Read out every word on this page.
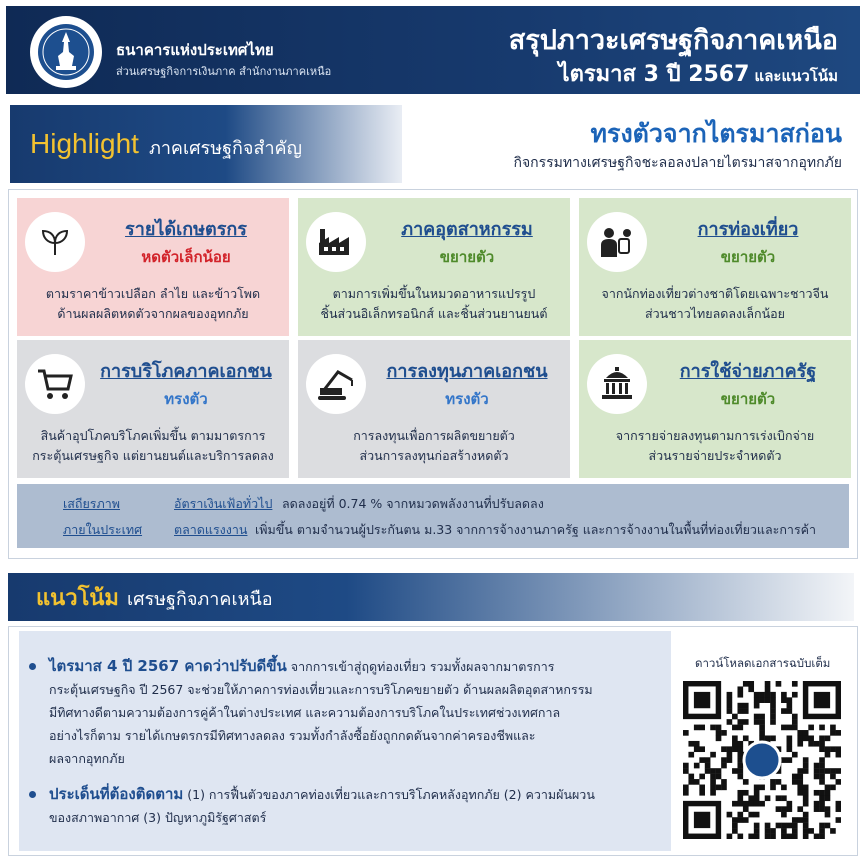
ธนาคารแห่งประเทศไทย
ส่วนเศรษฐกิจการเงินภาค สำนักงานภาคเหนือ
สรุปภาวะเศรษฐกิจภาคเหนือ
ไตรมาส 3 ปี 2567 และแนวโน้ม
Highlight ภาคเศรษฐกิจสำคัญ	ทรงตัวจากไตรมาสก่อน
กิจกรรมทางเศรษฐกิจชะลอลงปลายไตรมาสจากอุทกภัย
รายได้เกษตรกร
หดตัวเล็กน้อย
ตามราคาข้าวเปลือก ลำไย และข้าวโพด
ด้านผลผลิตหดตัวจากผลของอุทกภัย
ภาคอุตสาหกรรม
ขยายตัว
ตามการเพิ่มขึ้นในหมวดอาหารแปรรูป
ชิ้นส่วนอิเล็กทรอนิกส์ และชิ้นส่วนยานยนต์
การท่องเที่ยว
ขยายตัว
จากนักท่องเที่ยวต่างชาติโดยเฉพาะชาวจีน
ส่วนชาวไทยลดลงเล็กน้อย
การบริโภคภาคเอกชน
ทรงตัว
สินค้าอุปโภคบริโภคเพิ่มขึ้น ตามมาตรการ
กระตุ้นเศรษฐกิจ แต่ยานยนต์และบริการลดลง
การลงทุนภาคเอกชน
ทรงตัว
การลงทุนเพื่อการผลิตขยายตัว
ส่วนการลงทุนก่อสร้างหดตัว
การใช้จ่ายภาครัฐ
ขยายตัว
จากรายจ่ายลงทุนตามการเร่งเบิกจ่าย
ส่วนรายจ่ายประจำหดตัว
เสถียรภาพ	อัตราเงินเฟ้อทั่วไป ลดลงอยู่ที่ 0.74 % จากหมวดพลังงานที่ปรับลดลง
ภายในประเทศ	ตลาดแรงงาน เพิ่มขึ้น ตามจำนวนผู้ประกันตน ม.33 จากการจ้างงานภาครัฐ และการจ้างงานในพื้นที่ท่องเที่ยวและการค้า
แนวโน้ม เศรษฐกิจภาคเหนือ
ไตรมาส 4 ปี 2567 คาดว่าปรับดีขึ้น จากการเข้าสู่ฤดูท่องเที่ยว รวมทั้งผลจากมาตรการ
กระตุ้นเศรษฐกิจ ปี 2567 จะช่วยให้ภาคการท่องเที่ยวและการบริโภคขยายตัว ด้านผลผลิตอุตสาหกรรม
มีทิศทางดีตามความต้องการคู่ค้าในต่างประเทศ และความต้องการบริโภคในประเทศช่วงเทศกาล
อย่างไรก็ตาม รายได้เกษตรกรมีทิศทางลดลง รวมทั้งกำลังซื้อยังถูกกดดันจากค่าครองชีพและ
ผลจากอุทกภัย
ประเด็นที่ต้องติดตาม (1) การฟื้นตัวของภาคท่องเที่ยวและการบริโภคหลังอุทกภัย (2) ความผันผวน
ของสภาพอากาศ (3) ปัญหาภูมิรัฐศาสตร์
ดาวน์โหลดเอกสารฉบับเต็ม
